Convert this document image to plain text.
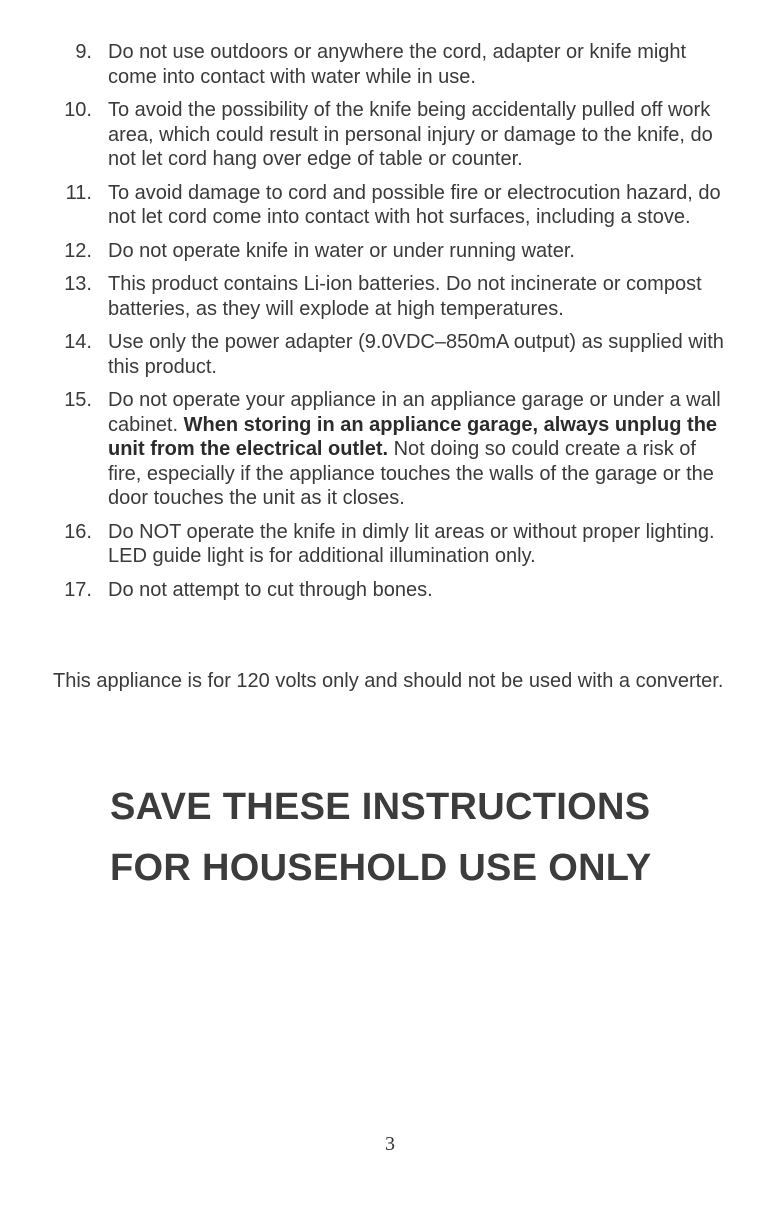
9. Do not use outdoors or anywhere the cord, adapter or knife might come into contact with water while in use.
10. To avoid the possibility of the knife being accidentally pulled off work area, which could result in personal injury or damage to the knife, do not let cord hang over edge of table or counter.
11. To avoid damage to cord and possible fire or electrocution hazard, do not let cord come into contact with hot surfaces, including a stove.
12. Do not operate knife in water or under running water.
13. This product contains Li-ion batteries. Do not incinerate or compost batteries, as they will explode at high temperatures.
14. Use only the power adapter (9.0VDC–850mA output) as supplied with this product.
15. Do not operate your appliance in an appliance garage or under a wall cabinet. When storing in an appliance garage, always unplug the unit from the electrical outlet. Not doing so could create a risk of fire, especially if the appliance touches the walls of the garage or the door touches the unit as it closes.
16. Do NOT operate the knife in dimly lit areas or without proper lighting. LED guide light is for additional illumination only.
17. Do not attempt to cut through bones.

This appliance is for 120 volts only and should not be used with a converter.

SAVE THESE INSTRUCTIONS
FOR HOUSEHOLD USE ONLY
3
